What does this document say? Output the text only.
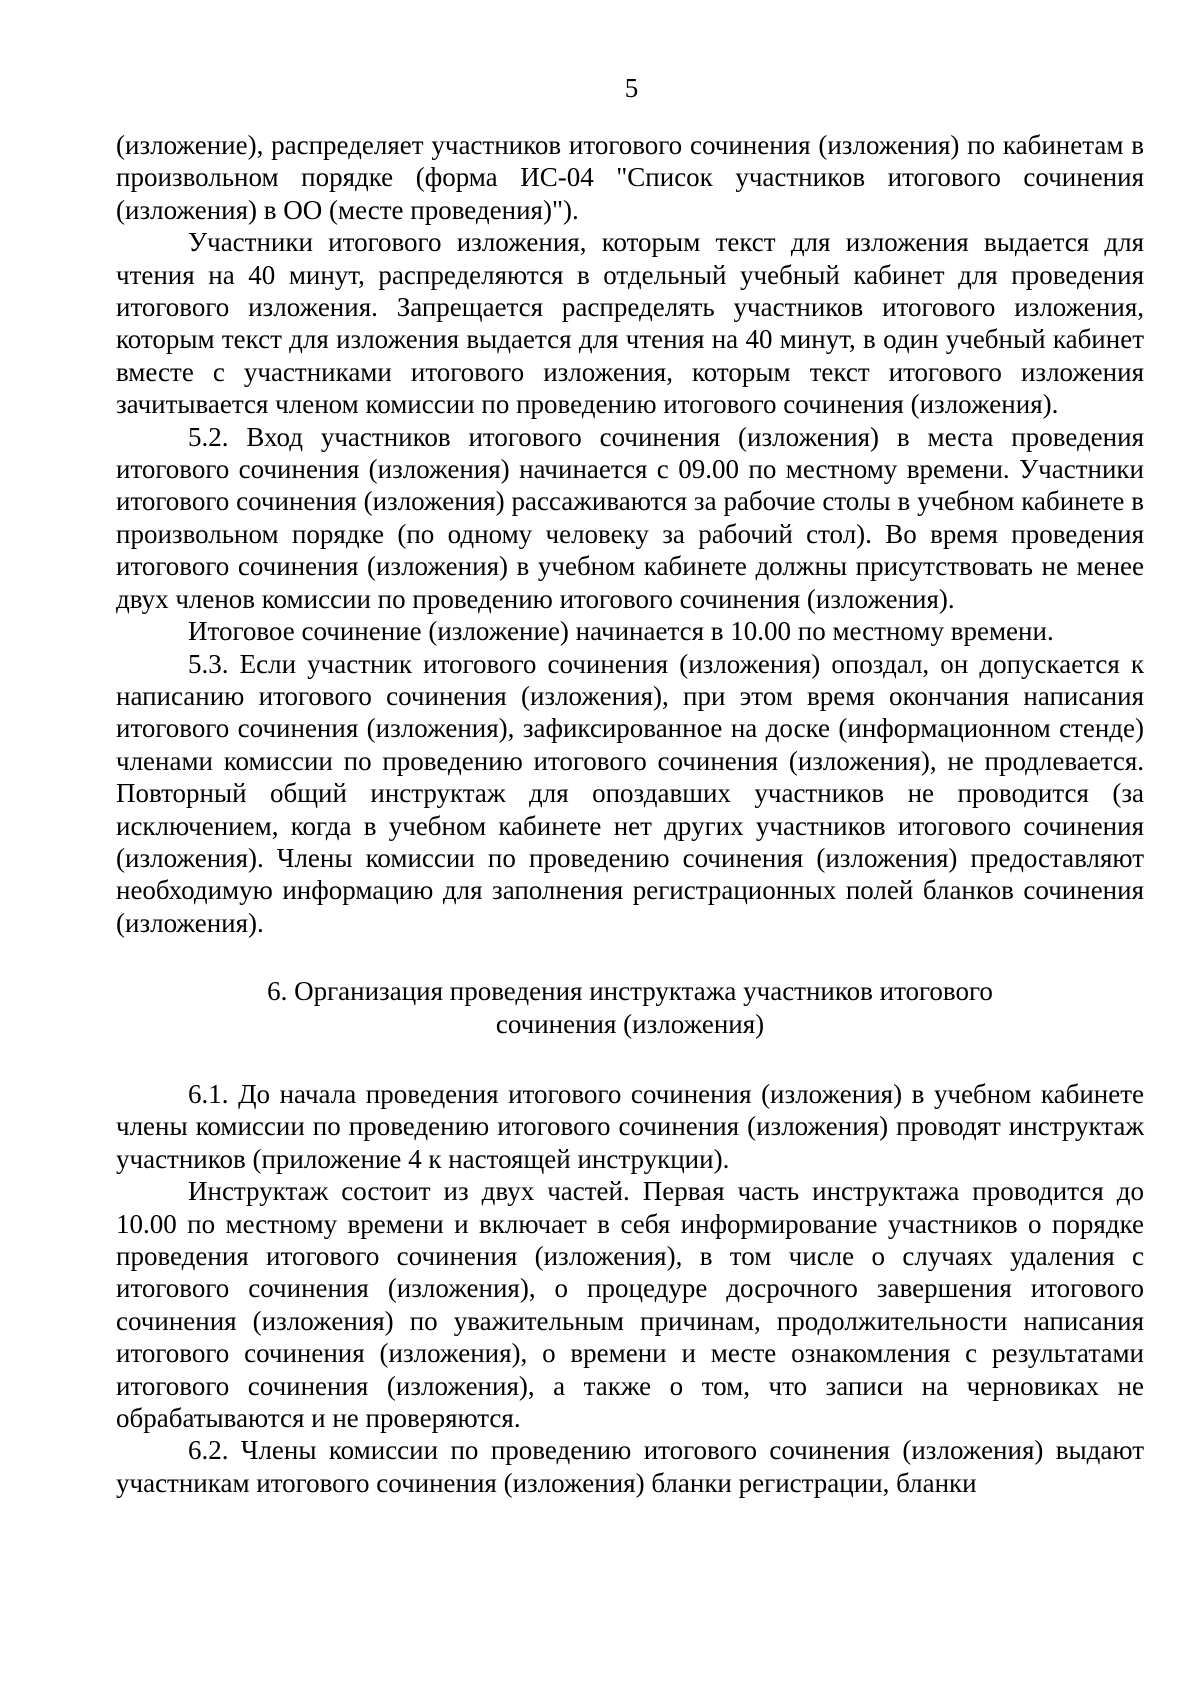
5

(изложение), распределяет участников итогового сочинения (изложения) по кабинетам в произвольном порядке (форма ИС-04 "Список участников итогового сочинения (изложения) в ОО (месте проведения)").

Участники итогового изложения, которым текст для изложения выдается для чтения на 40 минут, распределяются в отдельный учебный кабинет для проведения итогового изложения. Запрещается распределять участников итогового изложения, которым текст для изложения выдается для чтения на 40 минут, в один учебный кабинет вместе с участниками итогового изложения, которым текст итогового изложения зачитывается членом комиссии по проведению итогового сочинения (изложения).

5.2. Вход участников итогового сочинения (изложения) в места проведения итогового сочинения (изложения) начинается с 09.00 по местному времени. Участники итогового сочинения (изложения) рассаживаются за рабочие столы в учебном кабинете в произвольном порядке (по одному человеку за рабочий стол). Во время проведения итогового сочинения (изложения) в учебном кабинете должны присутствовать не менее двух членов комиссии по проведению итогового сочинения (изложения).

Итоговое сочинение (изложение) начинается в 10.00 по местному времени.

5.3. Если участник итогового сочинения (изложения) опоздал, он допускается к написанию итогового сочинения (изложения), при этом время окончания написания итогового сочинения (изложения), зафиксированное на доске (информационном стенде) членами комиссии по проведению итогового сочинения (изложения), не продлевается. Повторный общий инструктаж для опоздавших участников не проводится (за исключением, когда в учебном кабинете нет других участников итогового сочинения (изложения). Члены комиссии по проведению сочинения (изложения) предоставляют необходимую информацию для заполнения регистрационных полей бланков сочинения (изложения).

6. Организация проведения инструктажа участников итогового
сочинения (изложения)

6.1. До начала проведения итогового сочинения (изложения) в учебном кабинете члены комиссии по проведению итогового сочинения (изложения) проводят инструктаж участников (приложение 4 к настоящей инструкции).

Инструктаж состоит из двух частей. Первая часть инструктажа проводится до 10.00 по местному времени и включает в себя информирование участников о порядке проведения итогового сочинения (изложения), в том числе о случаях удаления с итогового сочинения (изложения), о процедуре досрочного завершения итогового сочинения (изложения) по уважительным причинам, продолжительности написания итогового сочинения (изложения), о времени и месте ознакомления с результатами итогового сочинения (изложения), а также о том, что записи на черновиках не обрабатываются и не проверяются.

6.2. Члены комиссии по проведению итогового сочинения (изложения) выдают участникам итогового сочинения (изложения) бланки регистрации, бланки
